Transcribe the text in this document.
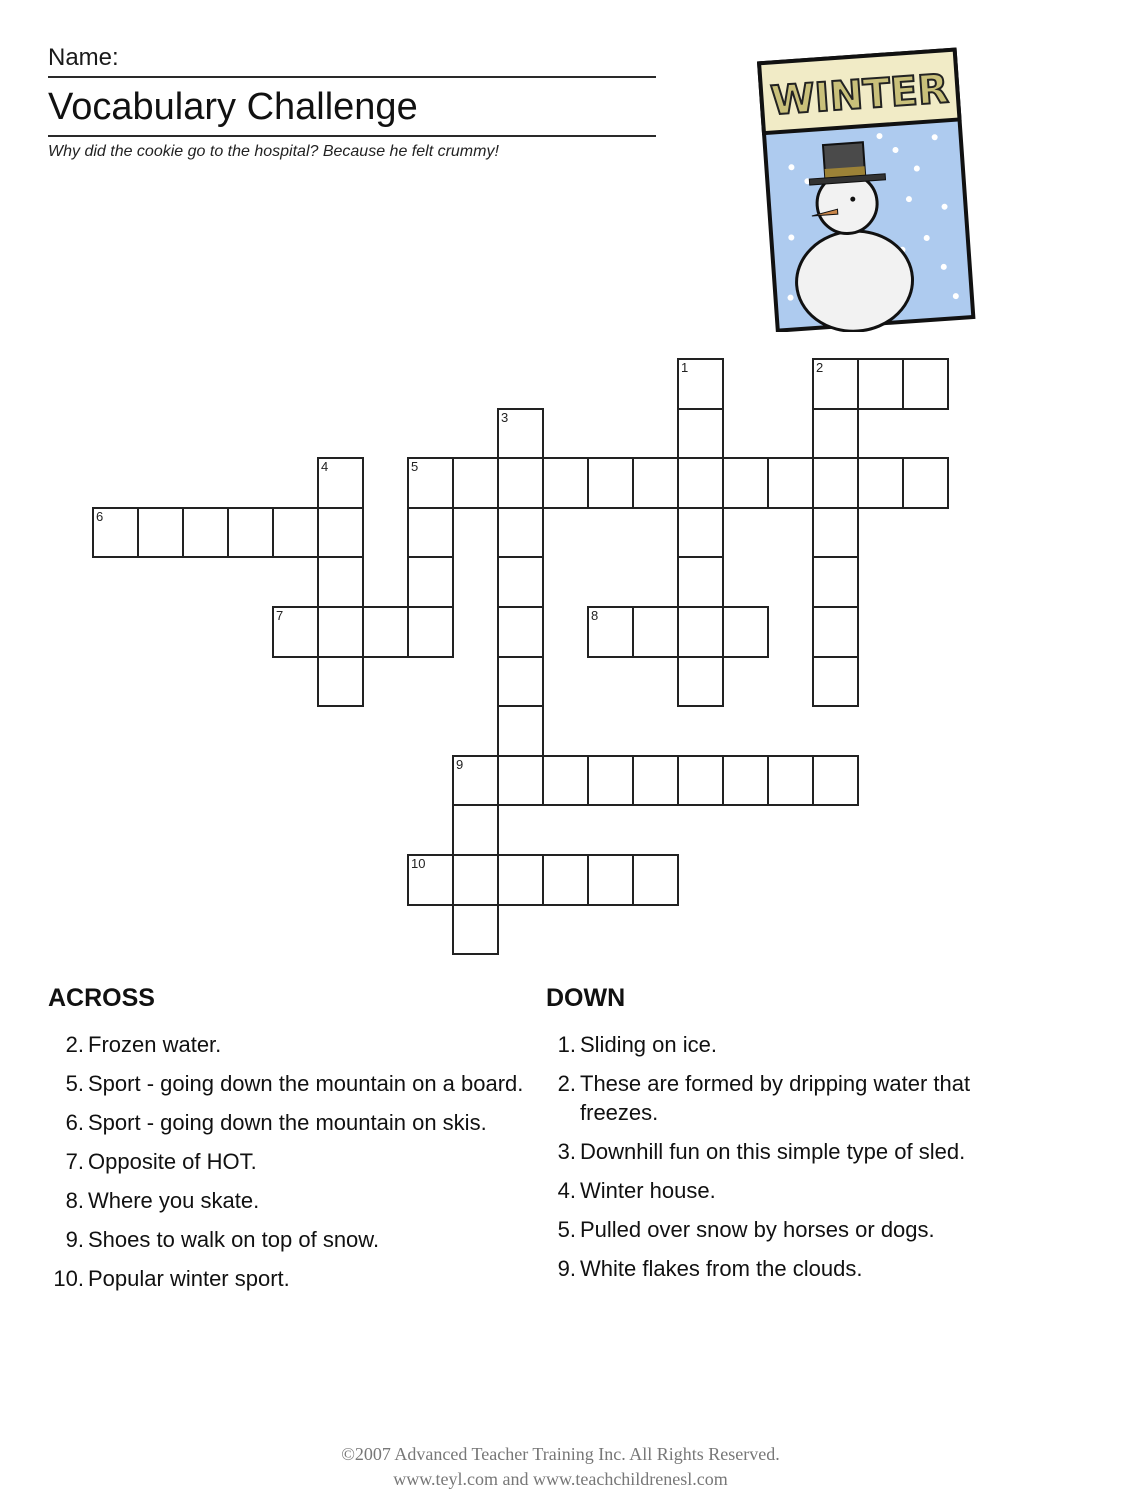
Name:
Vocabulary Challenge
Why did the cookie go to the hospital? Because he felt crummy!
WINTER
1	2
3
4	5
6
7	8
9
10
ACROSS	DOWN
2. Frozen water.
5. Sport - going down the mountain on a board.
6. Sport - going down the mountain on skis.
7. Opposite of HOT.
8. Where you skate.
9. Shoes to walk on top of snow.
10. Popular winter sport.
1. Sliding on ice.
2. These are formed by dripping water that freezes.
3. Downhill fun on this simple type of sled.
4. Winter house.
5. Pulled over snow by horses or dogs.
9. White flakes from the clouds.
©2007 Advanced Teacher Training Inc. All Rights Reserved.
www.teyl.com and www.teachchildrenesl.com
